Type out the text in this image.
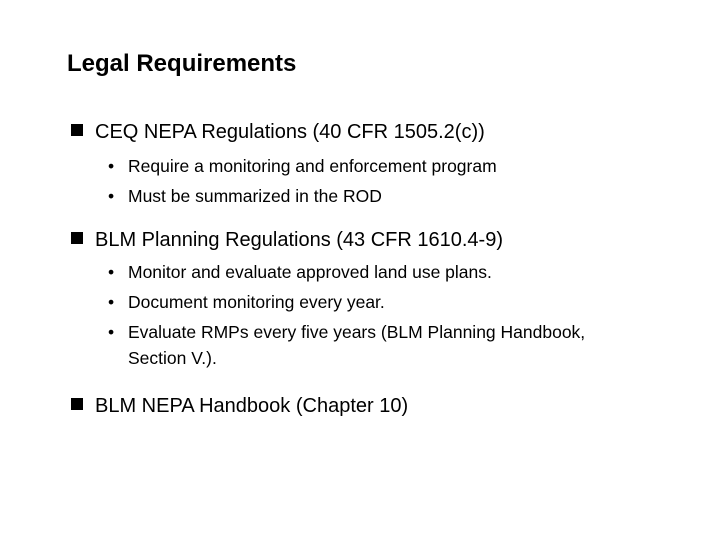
Legal Requirements
CEQ NEPA Regulations (40 CFR 1505.2(c))
• Require a monitoring and enforcement program
• Must be summarized in the ROD
BLM Planning Regulations (43 CFR 1610.4-9)
• Monitor and evaluate approved land use plans.
• Document monitoring every year.
• Evaluate RMPs every five years (BLM Planning Handbook, Section V.).
BLM NEPA Handbook (Chapter 10)
